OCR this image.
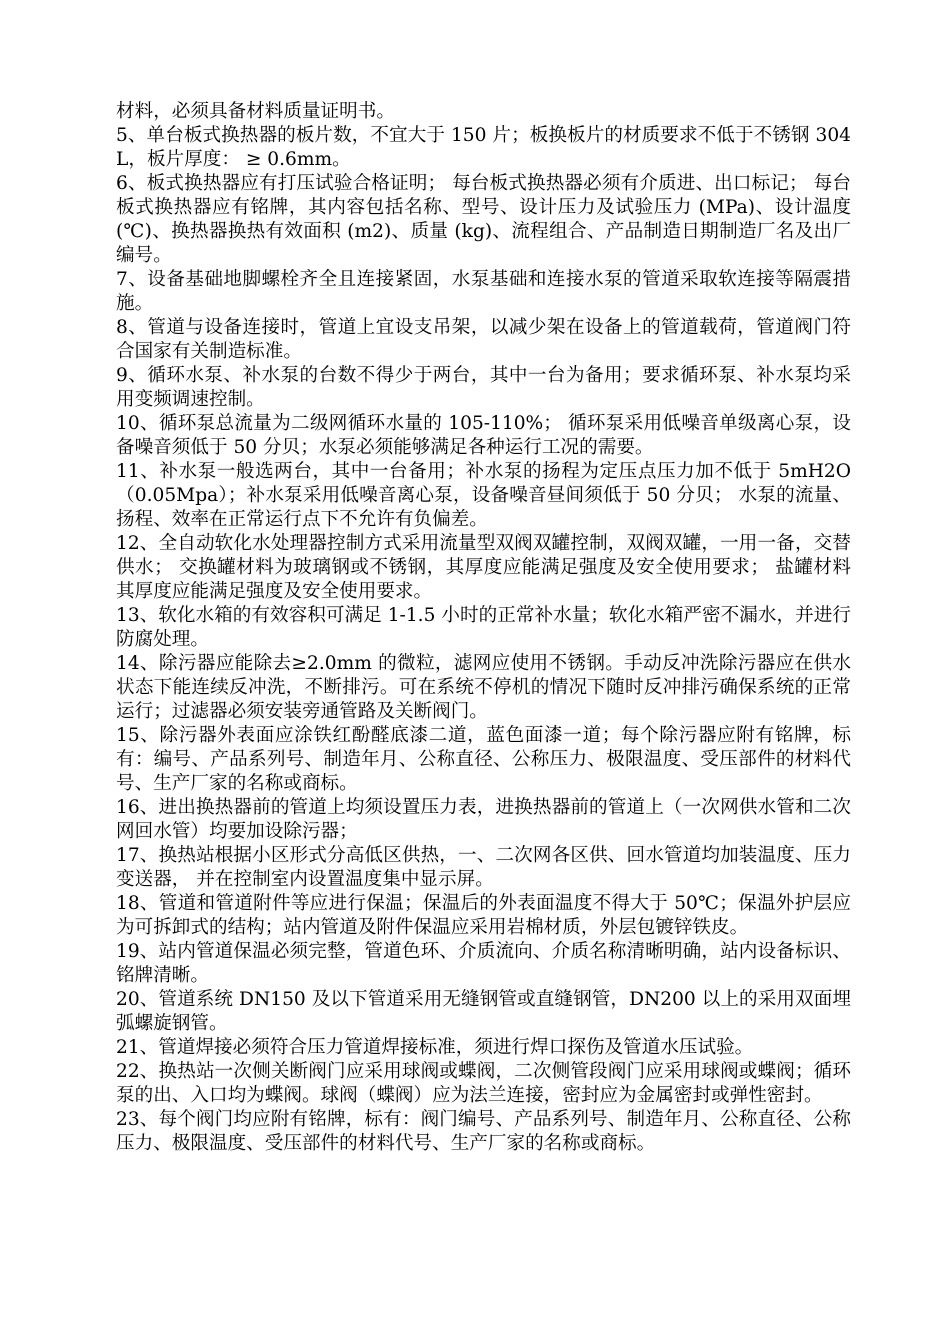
材料，必须具备材料质量证明书。

5、单台板式换热器的板片数，不宜大于 150 片；板换板片的材质要求不低于不锈钢 304L，板片厚度： ≥ 0.6mm。

6、板式换热器应有打压试验合格证明； 每台板式换热器必须有介质进、出口标记； 每台板式换热器应有铭牌，其内容包括名称、型号、设计压力及试验压力 (MPa)、设计温度 (℃)、换热器换热有效面积 (m2)、质量 (kg)、流程组合、产品制造日期制造厂名及出厂编号。

7、设备基础地脚螺栓齐全且连接紧固，水泵基础和连接水泵的管道采取软连接等隔震措施。

8、管道与设备连接时，管道上宜设支吊架，以减少架在设备上的管道载荷，管道阀门符合国家有关制造标准。

9、循环水泵、补水泵的台数不得少于两台，其中一台为备用；要求循环泵、补水泵均采用变频调速控制。

10、循环泵总流量为二级网循环水量的 105-110%； 循环泵采用低噪音单级离心泵，设备噪音须低于 50 分贝；水泵必须能够满足各种运行工况的需要。

11、补水泵一般选两台，其中一台备用；补水泵的扬程为定压点压力加不低于 5mH2O（0.05Mpa）；补水泵采用低噪音离心泵，设备噪音昼间须低于 50 分贝； 水泵的流量、扬程、效率在正常运行点下不允许有负偏差。

12、全自动软化水处理器控制方式采用流量型双阀双罐控制，双阀双罐，一用一备，交替供水； 交换罐材料为玻璃钢或不锈钢，其厚度应能满足强度及安全使用要求； 盐罐材料其厚度应能满足强度及安全使用要求。

13、软化水箱的有效容积可满足 1-1.5 小时的正常补水量；软化水箱严密不漏水，并进行防腐处理。

14、除污器应能除去≥2.0mm 的微粒，滤网应使用不锈钢。手动反冲洗除污器应在供水状态下能连续反冲洗，不断排污。可在系统不停机的情况下随时反冲排污确保系统的正常运行；过滤器必须安装旁通管路及关断阀门。

15、除污器外表面应涂铁红酚醛底漆二道，蓝色面漆一道；每个除污器应附有铭牌，标有：编号、产品系列号、制造年月、公称直径、公称压力、极限温度、受压部件的材料代号、生产厂家的名称或商标。

16、进出换热器前的管道上均须设置压力表，进换热器前的管道上（一次网供水管和二次网回水管）均要加设除污器；

17、换热站根据小区形式分高低区供热，一、二次网各区供、回水管道均加装温度、压力变送器， 并在控制室内设置温度集中显示屏。

18、管道和管道附件等应进行保温；保温后的外表面温度不得大于 50℃；保温外护层应为可拆卸式的结构；站内管道及附件保温应采用岩棉材质，外层包镀锌铁皮。

19、站内管道保温必须完整，管道色环、介质流向、介质名称清晰明确，站内设备标识、铭牌清晰。

20、管道系统 DN150 及以下管道采用无缝钢管或直缝钢管，DN200 以上的采用双面埋弧螺旋钢管。

21、管道焊接必须符合压力管道焊接标准，须进行焊口探伤及管道水压试验。

22、换热站一次侧关断阀门应采用球阀或蝶阀，二次侧管段阀门应采用球阀或蝶阀；循环泵的出、入口均为蝶阀。球阀（蝶阀）应为法兰连接，密封应为金属密封或弹性密封。

23、每个阀门均应附有铭牌，标有：阀门编号、产品系列号、制造年月、公称直径、公称压力、极限温度、受压部件的材料代号、生产厂家的名称或商标。
